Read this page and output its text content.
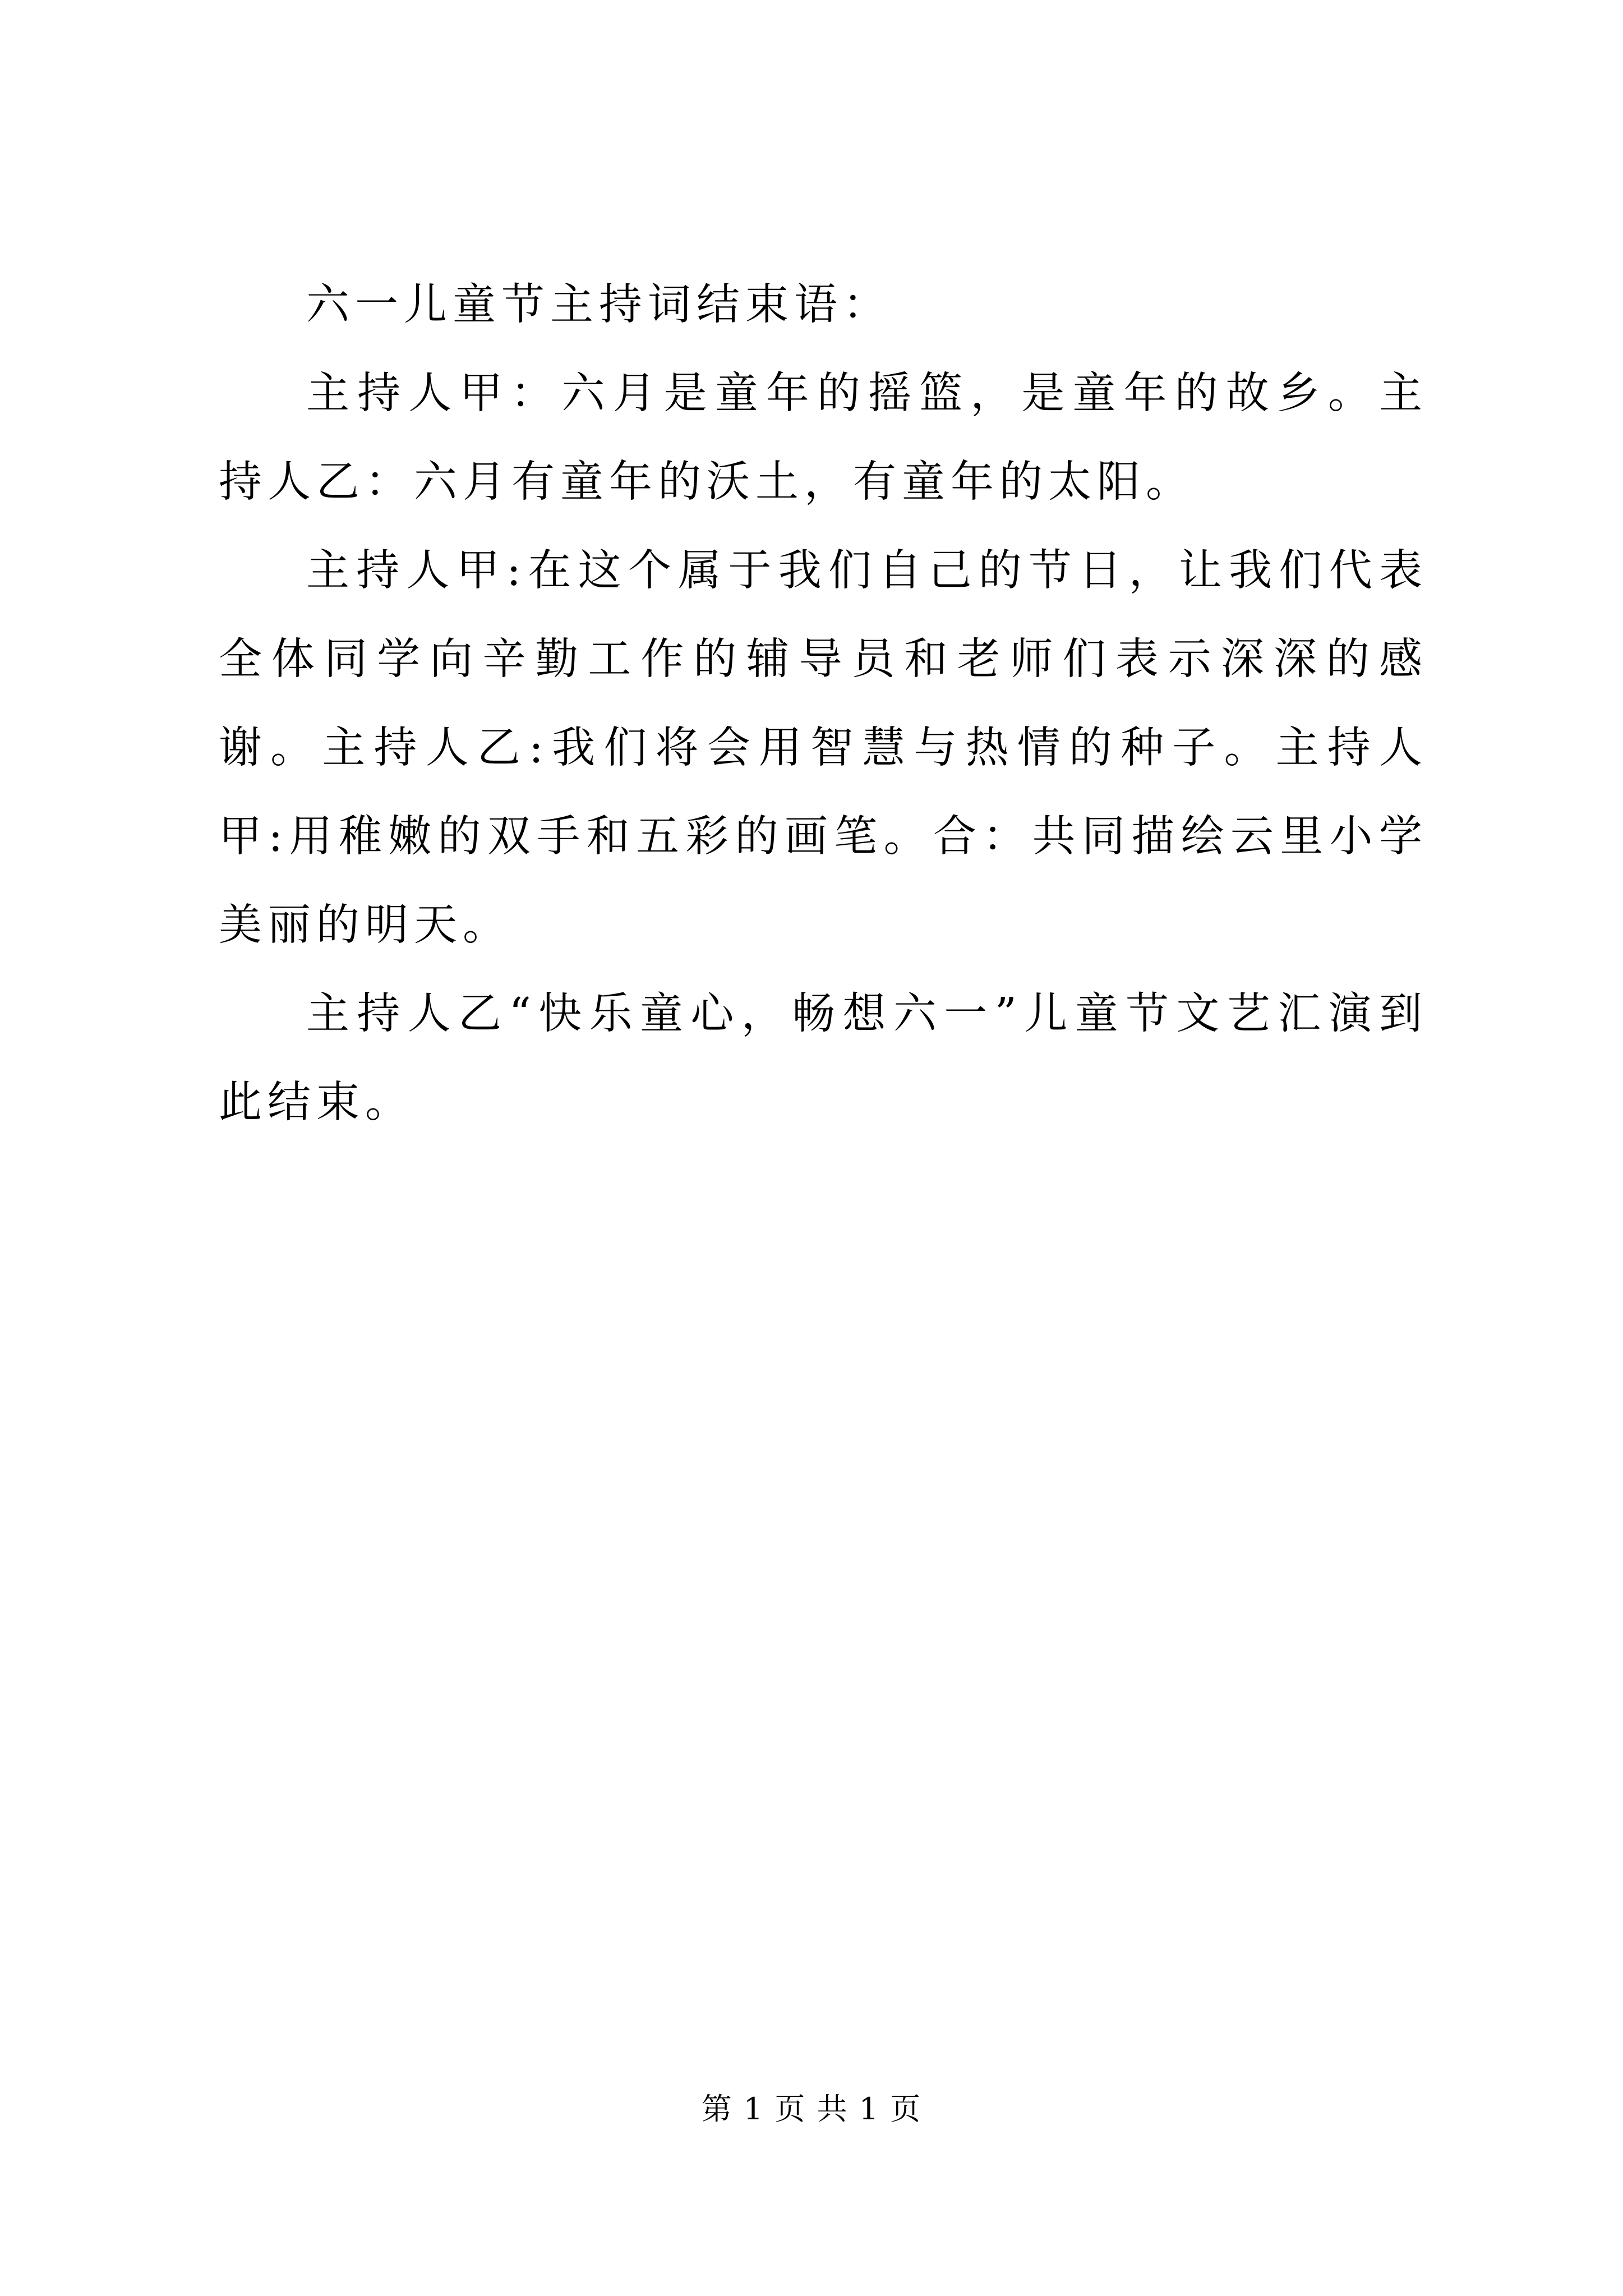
六一儿童节主持词结束语：

主持人甲：六月是童年的摇篮，是童年的故乡。主持人乙：六月有童年的沃土，有童年的太阳。

主持人甲:在这个属于我们自己的节日，让我们代表全体同学向辛勤工作的辅导员和老师们表示深深的感谢。主持人乙:我们将会用智慧与热情的种子。主持人甲:用稚嫩的双手和五彩的画笔。合：共同描绘云里小学美丽的明天。

主持人乙“快乐童心，畅想六一”儿童节文艺汇演到此结束。

第 1 页 共 1 页
